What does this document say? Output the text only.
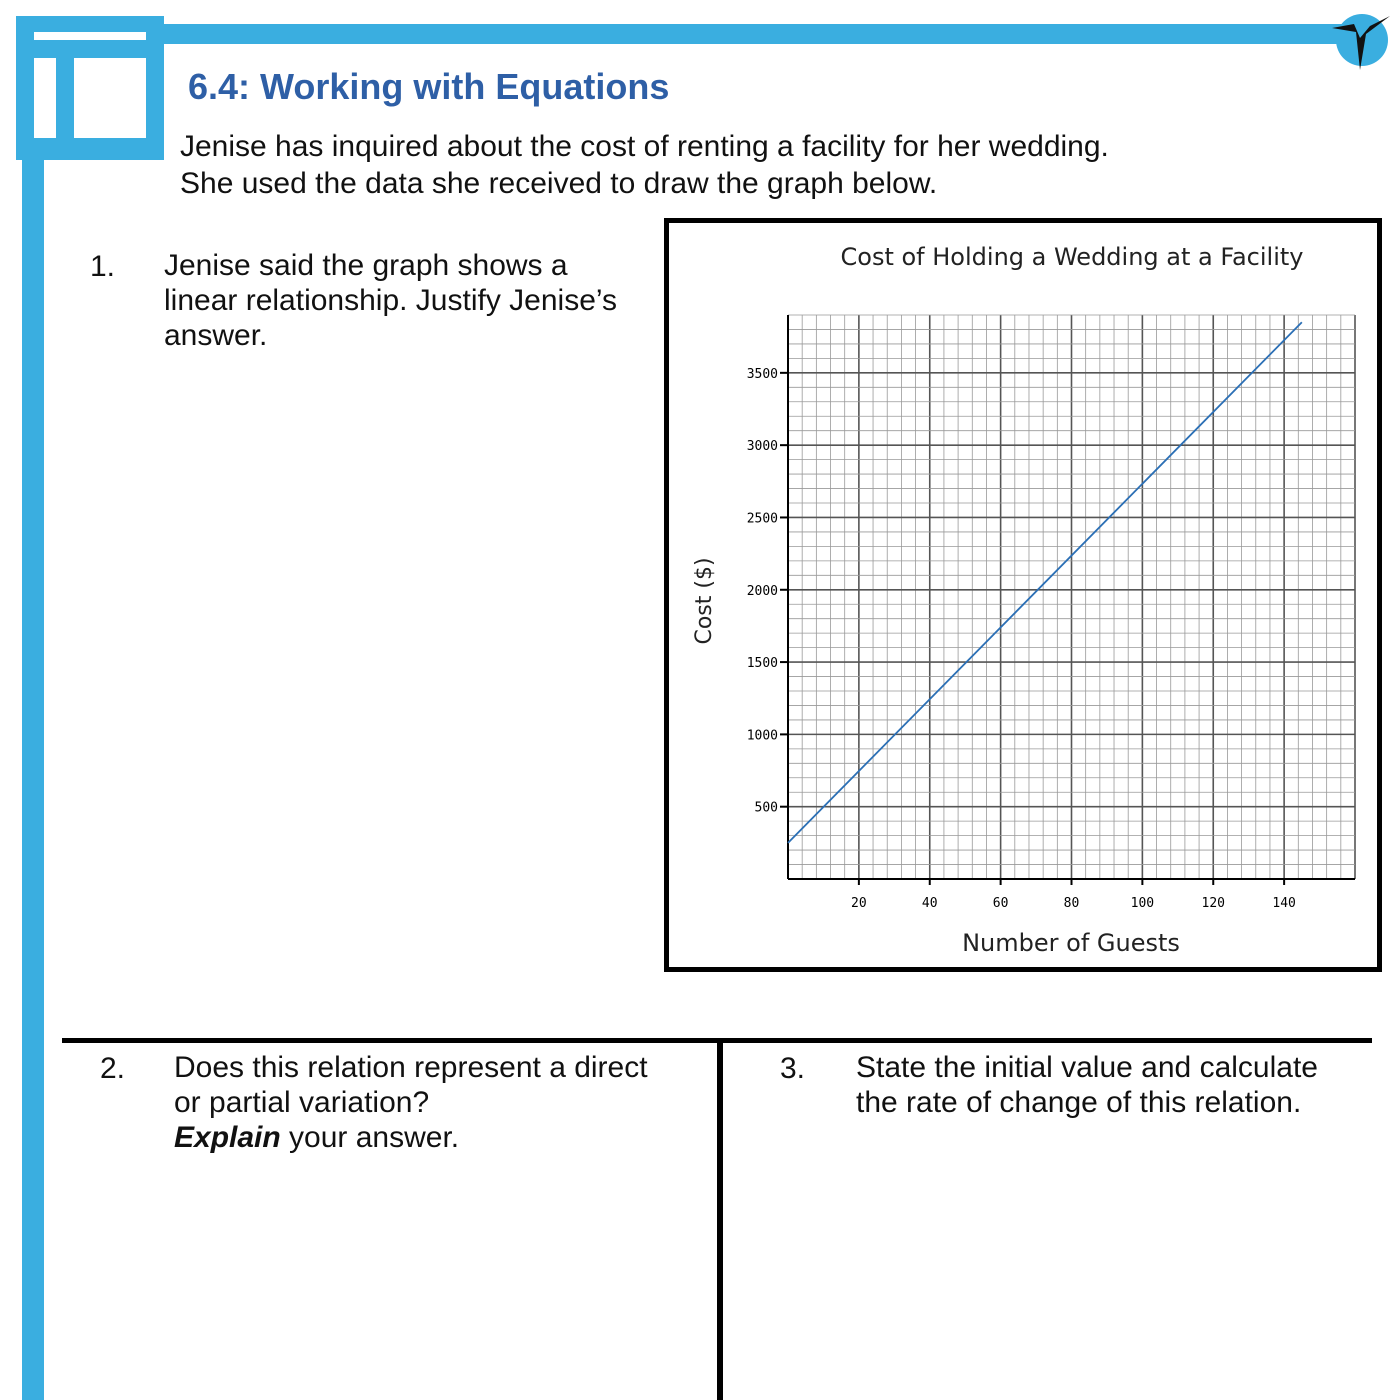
6.4: Working with Equations
Jenise has inquired about the cost of renting a facility for her wedding.
She used the data she received to draw the graph below.
1. Jenise said the graph shows a
linear relationship. Justify Jenise’s
answer.
20	40	60	80	100	120	140
500
1000
1500
2000
2500
3000
3500
Cost of Holding a Wedding at a Facility
Number of Guests
Cost ($)
2. Does this relation represent a direct
or partial variation?
Explain your answer.
3. State the initial value and calculate
the rate of change of this relation.
